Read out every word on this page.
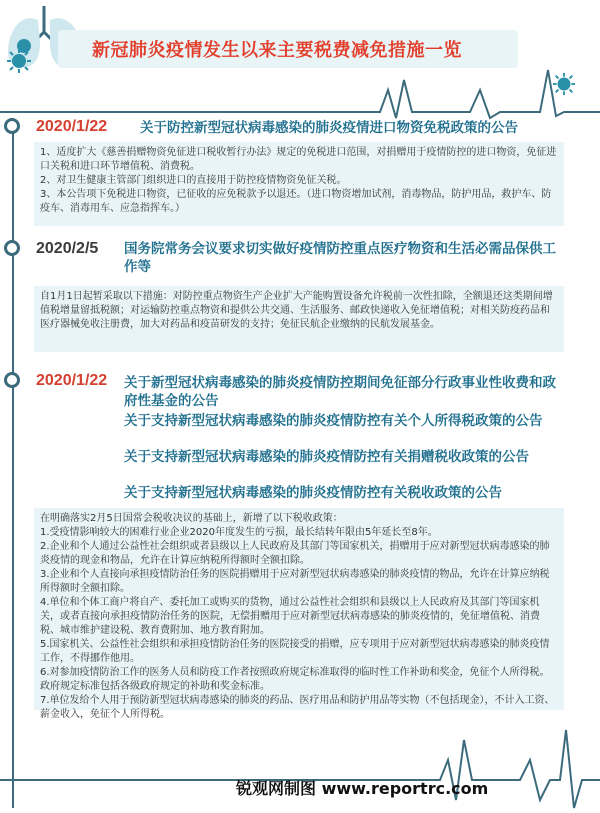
新冠肺炎疫情发生以来主要税费减免措施一览
2020/1/22 关于防控新型冠状病毒感染的肺炎疫情进口物资免税政策的公告

1、适度扩大《慈善捐赠物资免征进口税收暂行办法》规定的免税进口范围，对捐赠用于疫情防控的进口物资，免征进口关税和进口环节增值税、消费税。

2、对卫生健康主管部门组织进口的直接用于防控疫情物资免征关税。

3、本公告项下免税进口物资，已征收的应免税款予以退还。（进口物资增加试剂，消毒物品，防护用品，救护车、防疫车、消毒用车、应急指挥车。）

2020/2/5 国务院常务会议要求切实做好疫情防控重点医疗物资和生活必需品保供工作等

自1月1日起暂采取以下措施：对防控重点物资生产企业扩大产能购置设备允许税前一次性扣除，全额退还这类期间增值税增量留抵税额；对运输防控重点物资和提供公共交通、生活服务、邮政快递收入免征增值税；对相关防疫药品和医疗器械免收注册费，加大对药品和疫苗研发的支持；免征民航企业缴纳的民航发展基金。

2020/1/22 关于新型冠状病毒感染的肺炎疫情防控期间免征部分行政事业性收费和政府性基金的公告
关于支持新型冠状病毒感染的肺炎疫情防控有关个人所得税政策的公告
关于支持新型冠状病毒感染的肺炎疫情防控有关捐赠税收政策的公告
关于支持新型冠状病毒感染的肺炎疫情防控有关税收政策的公告

在明确落实2月5日国常会税收决议的基础上，新增了以下税收政策：

1.受疫情影响较大的困难行业企业2020年度发生的亏损，最长结转年限由5年延长至8年。

2.企业和个人通过公益性社会组织或者县级以上人民政府及其部门等国家机关，捐赠用于应对新型冠状病毒感染的肺炎疫情的现金和物品，允许在计算应纳税所得额时全额扣除。

3.企业和个人直接向承担疫情防治任务的医院捐赠用于应对新型冠状病毒感染的肺炎疫情的物品，允许在计算应纳税所得额时全额扣除。

4.单位和个体工商户将自产、委托加工或购买的货物，通过公益性社会组织和县级以上人民政府及其部门等国家机关，或者直接向承担疫情防治任务的医院，无偿捐赠用于应对新型冠状病毒感染的肺炎疫情的，免征增值税、消费税、城市维护建设税、教育费附加、地方教育附加。

5.国家机关、公益性社会组织和承担疫情防治任务的医院接受的捐赠，应专项用于应对新型冠状病毒感染的肺炎疫情工作，不得挪作他用。

6.对参加疫情防治工作的医务人员和防疫工作者按照政府规定标准取得的临时性工作补助和奖金，免征个人所得税。政府规定标准包括各级政府规定的补助和奖金标准。

7.单位发给个人用于预防新型冠状病毒感染的肺炎的药品、医疗用品和防护用品等实物（不包括现金），不计入工资、薪金收入，免征个人所得税。

锐观网制图 www.reportrc.com
